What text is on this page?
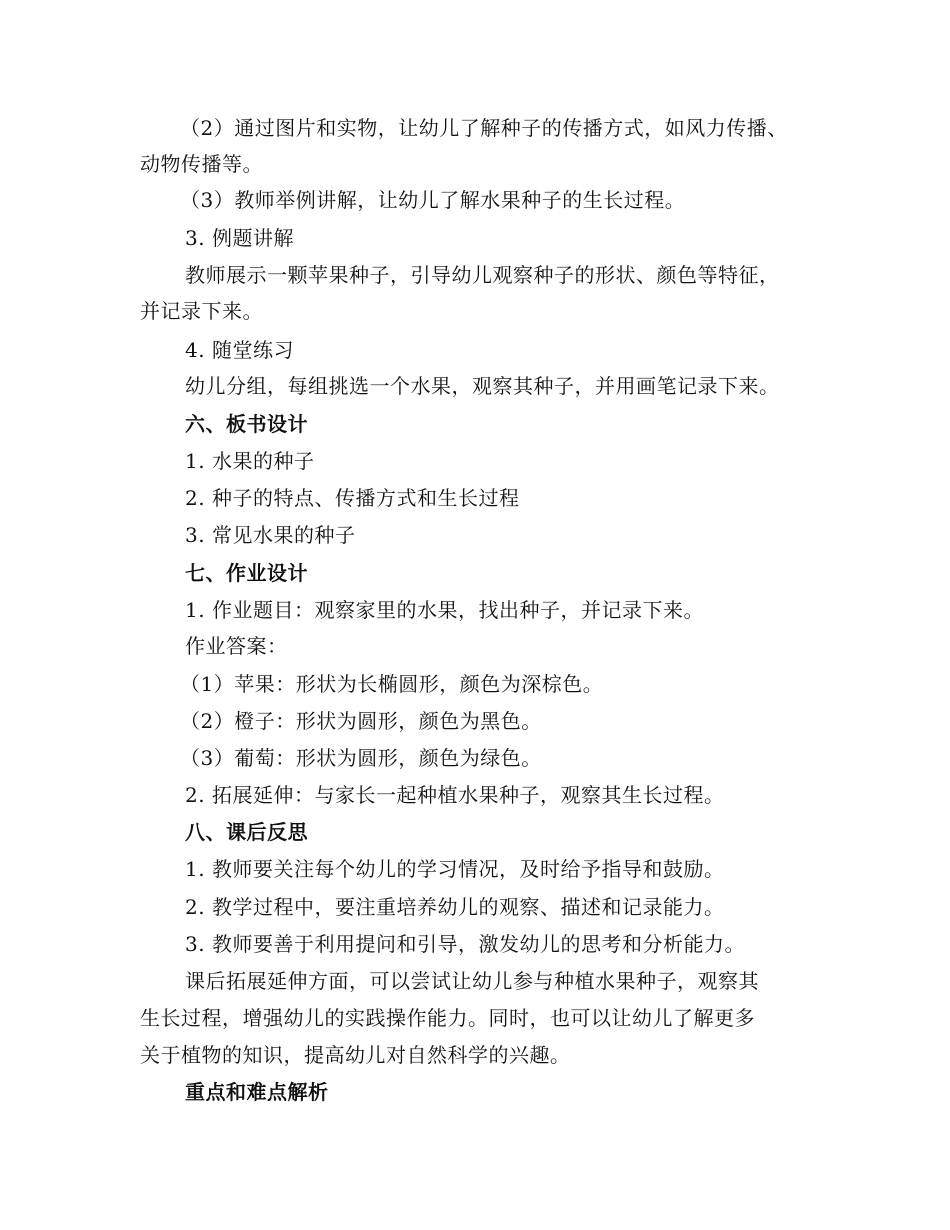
（2）通过图片和实物，让幼儿了解种子的传播方式，如风力传播、
动物传播等。
（3）教师举例讲解，让幼儿了解水果种子的生长过程。
3. 例题讲解
教师展示一颗苹果种子，引导幼儿观察种子的形状、颜色等特征，
并记录下来。
4. 随堂练习
幼儿分组，每组挑选一个水果，观察其种子，并用画笔记录下来。
六、板书设计
1. 水果的种子
2. 种子的特点、传播方式和生长过程
3. 常见水果的种子
七、作业设计
1. 作业题目：观察家里的水果，找出种子，并记录下来。
作业答案：
（1）苹果：形状为长椭圆形，颜色为深棕色。
（2）橙子：形状为圆形，颜色为黑色。
（3）葡萄：形状为圆形，颜色为绿色。
2. 拓展延伸：与家长一起种植水果种子，观察其生长过程。
八、课后反思
1. 教师要关注每个幼儿的学习情况，及时给予指导和鼓励。
2. 教学过程中，要注重培养幼儿的观察、描述和记录能力。
3. 教师要善于利用提问和引导，激发幼儿的思考和分析能力。
课后拓展延伸方面，可以尝试让幼儿参与种植水果种子，观察其
生长过程，增强幼儿的实践操作能力。同时，也可以让幼儿了解更多
关于植物的知识，提高幼儿对自然科学的兴趣。
重点和难点解析
